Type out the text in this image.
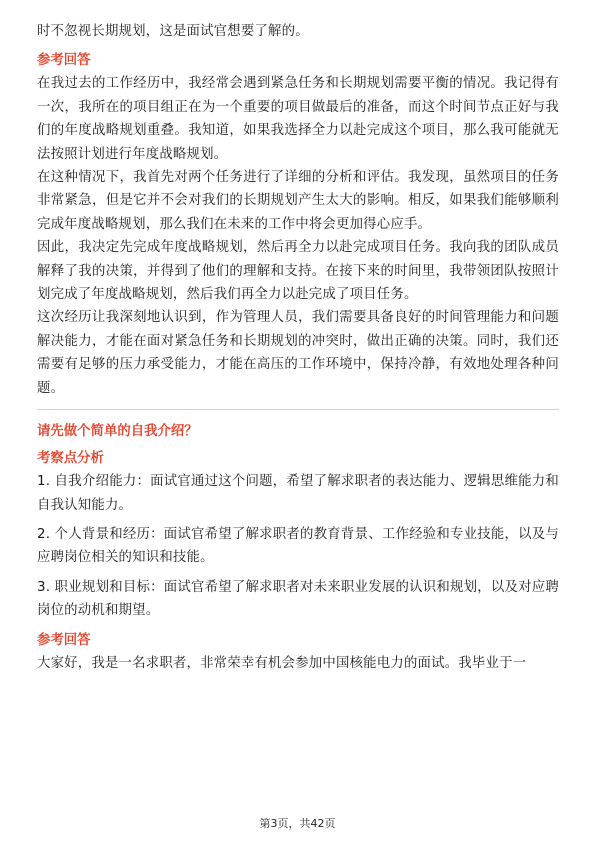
时不忽视长期规划，这是面试官想要了解的。

参考回答

在我过去的工作经历中，我经常会遇到紧急任务和长期规划需要平衡的情况。我记得有一次，我所在的项目组正在为一个重要的项目做最后的准备，而这个时间节点正好与我们的年度战略规划重叠。我知道，如果我选择全力以赴完成这个项目，那么我可能就无法按照计划进行年度战略规划。

在这种情况下，我首先对两个任务进行了详细的分析和评估。我发现，虽然项目的任务非常紧急，但是它并不会对我们的长期规划产生太大的影响。相反，如果我们能够顺利完成年度战略规划，那么我们在未来的工作中将会更加得心应手。

因此，我决定先完成年度战略规划，然后再全力以赴完成项目任务。我向我的团队成员解释了我的决策，并得到了他们的理解和支持。在接下来的时间里，我带领团队按照计划完成了年度战略规划，然后我们再全力以赴完成了项目任务。

这次经历让我深刻地认识到，作为管理人员，我们需要具备良好的时间管理能力和问题解决能力，才能在面对紧急任务和长期规划的冲突时，做出正确的决策。同时，我们还需要有足够的压力承受能力，才能在高压的工作环境中，保持冷静，有效地处理各种问题。

请先做个简单的自我介绍？

考察点分析

1. 自我介绍能力：面试官通过这个问题，希望了解求职者的表达能力、逻辑思维能力和自我认知能力。

2. 个人背景和经历：面试官希望了解求职者的教育背景、工作经验和专业技能，以及与应聘岗位相关的知识和技能。

3. 职业规划和目标：面试官希望了解求职者对未来职业发展的认识和规划，以及对应聘岗位的动机和期望。

参考回答

大家好，我是一名求职者，非常荣幸有机会参加中国核能电力的面试。我毕业于一

第3页，共42页
